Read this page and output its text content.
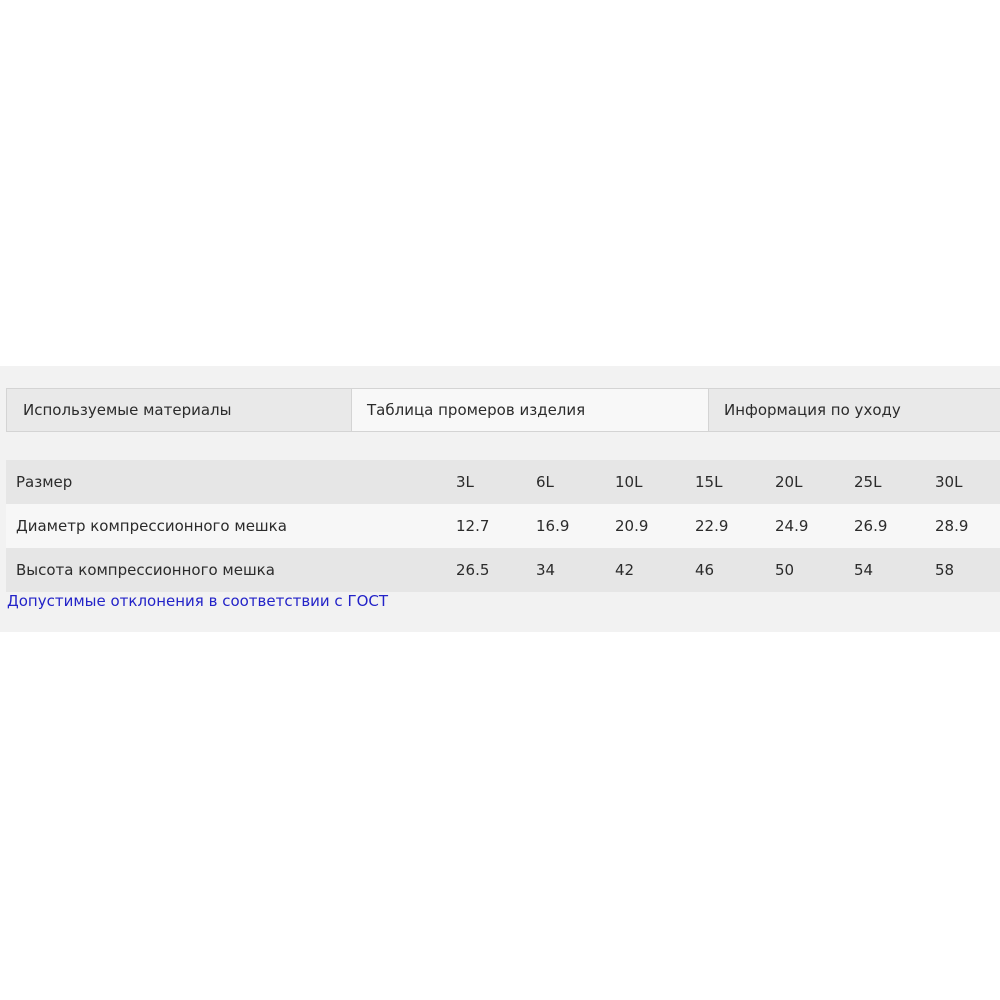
Используемые материалы	Таблица промеров изделия	Информация по уходу
Размер	3L	6L	10L	15L	20L	25L	30L
Диаметр компрессионного мешка	12.7	16.9	20.9	22.9	24.9	26.9	28.9
Высота компрессионного мешка	26.5	34	42	46	50	54	58
Допустимые отклонения в соответствии с ГОСТ
